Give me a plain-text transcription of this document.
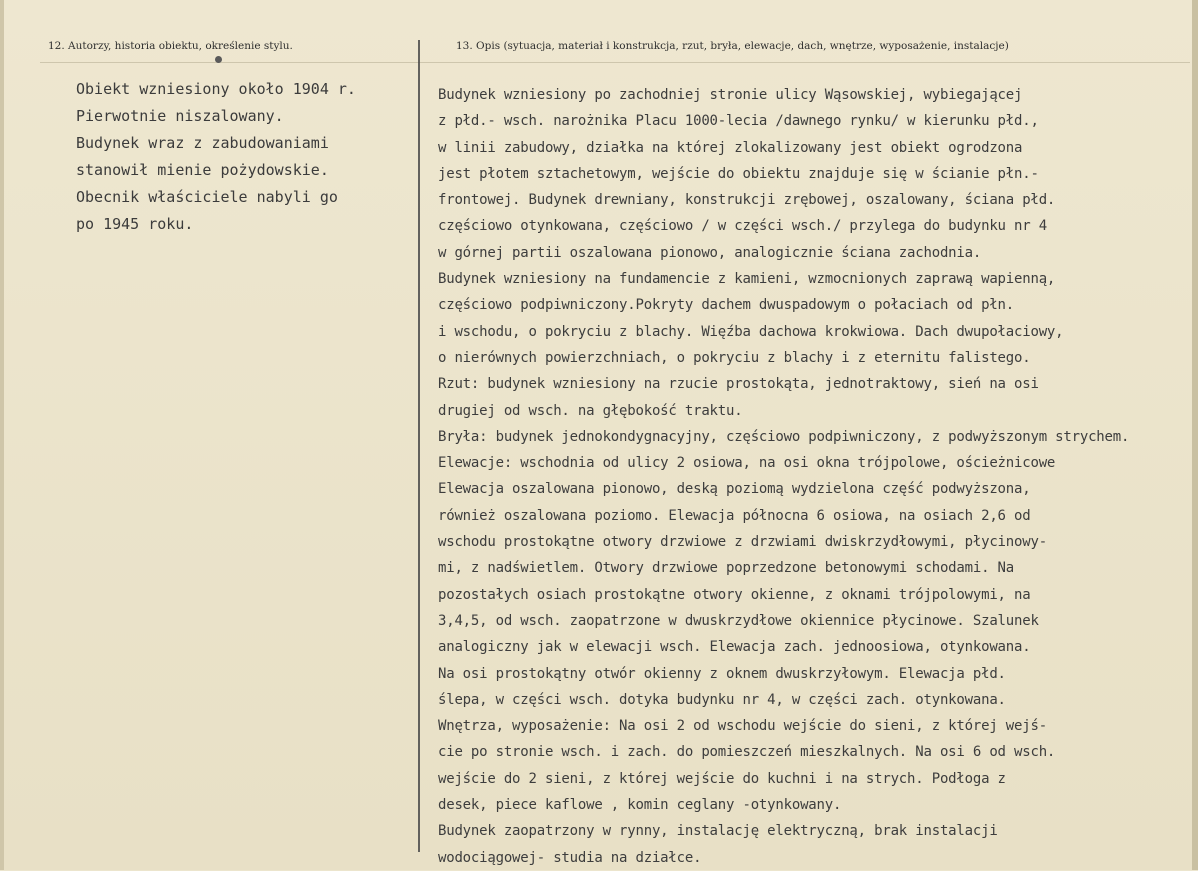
12. Autorzy, historia obiektu, określenie stylu.	13. Opis (sytuacja, materiał i konstrukcja, rzut, bryła, elewacje, dach, wnętrze, wyposażenie, instalacje)
Obiekt wzniesiony około 1904 r.
Pierwotnie niszalowany.
Budynek wraz z zabudowaniami
stanowił mienie pożydowskie.
Obecnik właściciele nabyli go
po 1945 roku.
Budynek wzniesiony po zachodniej stronie ulicy Wąsowskiej, wybiegającej
z płd.- wsch. narożnika Placu 1000-lecia /dawnego rynku/ w kierunku płd.,
w linii zabudowy, działka na której zlokalizowany jest obiekt ogrodzona
jest płotem sztachetowym, wejście do obiektu znajduje się w ścianie płn.-
frontowej. Budynek drewniany, konstrukcji zrębowej, oszalowany, ściana płd.
częściowo otynkowana, częściowo / w części wsch./ przylega do budynku nr 4
w górnej partii oszalowana pionowo, analogicznie ściana zachodnia.
Budynek wzniesiony na fundamencie z kamieni, wzmocnionych zaprawą wapienną,
częściowo podpiwniczony.Pokryty dachem dwuspadowym o połaciach od płn.
i wschodu, o pokryciu z blachy. Więźba dachowa krokwiowa. Dach dwupołaciowy,
o nierównych powierzchniach, o pokryciu z blachy i z eternitu falistego.
Rzut: budynek wzniesiony na rzucie prostokąta, jednotraktowy, sień na osi
drugiej od wsch. na głębokość traktu.
Bryła: budynek jednokondygnacyjny, częściowo podpiwniczony, z podwyższonym strychem.
Elewacje: wschodnia od ulicy 2 osiowa, na osi okna trójpolowe, ościeżnicowe
Elewacja oszalowana pionowo, deską poziomą wydzielona część podwyższona,
również oszalowana poziomo. Elewacja północna 6 osiowa, na osiach 2,6 od
wschodu prostokątne otwory drzwiowe z drzwiami dwiskrzydłowymi, płycinowy-
mi, z nadświetlem. Otwory drzwiowe poprzedzone betonowymi schodami. Na
pozostałych osiach prostokątne otwory okienne, z oknami trójpolowymi, na
3,4,5, od wsch. zaopatrzone w dwuskrzydłowe okiennice płycinowe. Szalunek
analogiczny jak w elewacji wsch. Elewacja zach. jednoosiowa, otynkowana.
Na osi prostokątny otwór okienny z oknem dwuskrzyłowym. Elewacja płd.
ślepa, w części wsch. dotyka budynku nr 4, w części zach. otynkowana.
Wnętrza, wyposażenie: Na osi 2 od wschodu wejście do sieni, z której wejś-
cie po stronie wsch. i zach. do pomieszczeń mieszkalnych. Na osi 6 od wsch.
wejście do 2 sieni, z której wejście do kuchni i na strych. Podłoga z
desek, piece kaflowe , komin ceglany -otynkowany.
Budynek zaopatrzony w rynny, instalację elektryczną, brak instalacji
wodociągowej- studia na działce.
